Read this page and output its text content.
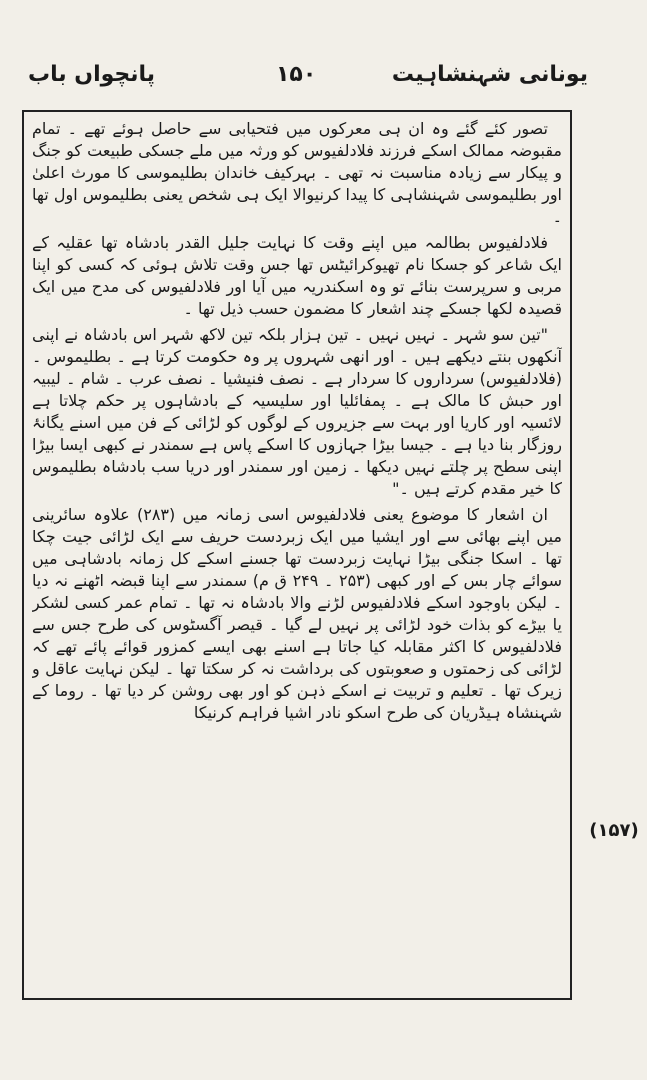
پانچواں باب	۱۵۰	یونانی شہنشاہیت

تصور کئے گئے وہ ان ہی معرکوں میں فتحیابی سے حاصل ہوئے تھے ۔ تمام مقبوضہ ممالک اسکے فرزند فلادلفیوس کو ورثہ میں ملے جسکی طبیعت کو جنگ و پیکار سے زیادہ مناسبت نہ تھی ۔ بہرکیف خاندان بطلیموسی کا مورث اعلیٰ اور بطلیموسی شہنشاہی کا پیدا کرنیوالا ایک ہی شخص یعنی بطلیموس اول تھا ۔

فلادلفیوس بطالمہ میں اپنے وقت کا نہایت جلیل القدر بادشاہ تھا عقلیہ کے ایک شاعر کو جسکا نام تھیوکرائیٹس تھا جس وقت تلاش ہوئی کہ کسی کو اپنا مربی و سرپرست بنائے تو وہ اسکندریہ میں آیا اور فلادلفیوس کی مدح میں ایک قصیدہ لکھا جسکے چند اشعار کا مضمون حسب ذیل تھا ۔

"تین سو شہر ۔ نہیں نہیں ۔ تین ہزار بلکہ تین لاکھ شہر اس بادشاہ نے اپنی آنکھوں بنتے دیکھے ہیں ۔ اور انھی شہروں پر وہ حکومت کرتا ہے ۔ بطلیموس ۔ (فلادلفیوس) سرداروں کا سردار ہے ۔ نصف فنیشیا ۔ نصف عرب ۔ شام ۔ لیبیہ اور حبش کا مالک ہے ۔ پمفائلیا اور سلیسیہ کے بادشاہوں پر حکم چلاتا ہے لائسیہ اور کاریا اور بہت سے جزیروں کے لوگوں کو لڑائی کے فن میں اسنے یگانۂ روزگار بنا دیا ہے ۔ جیسا بیڑا جہازوں کا اسکے پاس ہے سمندر نے کبھی ایسا بیڑا اپنی سطح پر چلتے نہیں دیکھا ۔ زمین اور سمندر اور دریا سب بادشاہ بطلیموس کا خیر مقدم کرتے ہیں ۔"

ان اشعار کا موضوع یعنی فلادلفیوس اسی زمانہ میں (۲۸۳) علاوہ سائرینی میں اپنے بھائی سے اور ایشیا میں ایک زبردست حریف سے ایک لڑائی جیت چکا تھا ۔ اسکا جنگی بیڑا نہایت زبردست تھا جسنے اسکے کل زمانہ بادشاہی میں سوائے چار بس کے اور کبھی (۲۵۳ ۔ ۲۴۹ ق م) سمندر سے اپنا قبضہ اٹھنے نہ دیا ۔ لیکن باوجود اسکے فلادلفیوس لڑنے والا بادشاہ نہ تھا ۔ تمام عمر کسی لشکر یا بیڑے کو بذات خود لڑائی پر نہیں لے گیا ۔ قیصر آگسٹوس کی طرح جس سے فلادلفیوس کا اکثر مقابلہ کیا جاتا ہے اسنے بھی ایسے کمزور قوائے پائے تھے کہ لڑائی کی زحمتوں و صعوبتوں کی برداشت نہ کر سکتا تھا ۔ لیکن نہایت عاقل و زیرک تھا ۔ تعلیم و تربیت نے اسکے ذہن کو اور بھی روشن کر دیا تھا ۔ روما کے شہنشاہ ہیڈریان کی طرح اسکو نادر اشیا فراہم کرنیکا

(۱۵۷)
